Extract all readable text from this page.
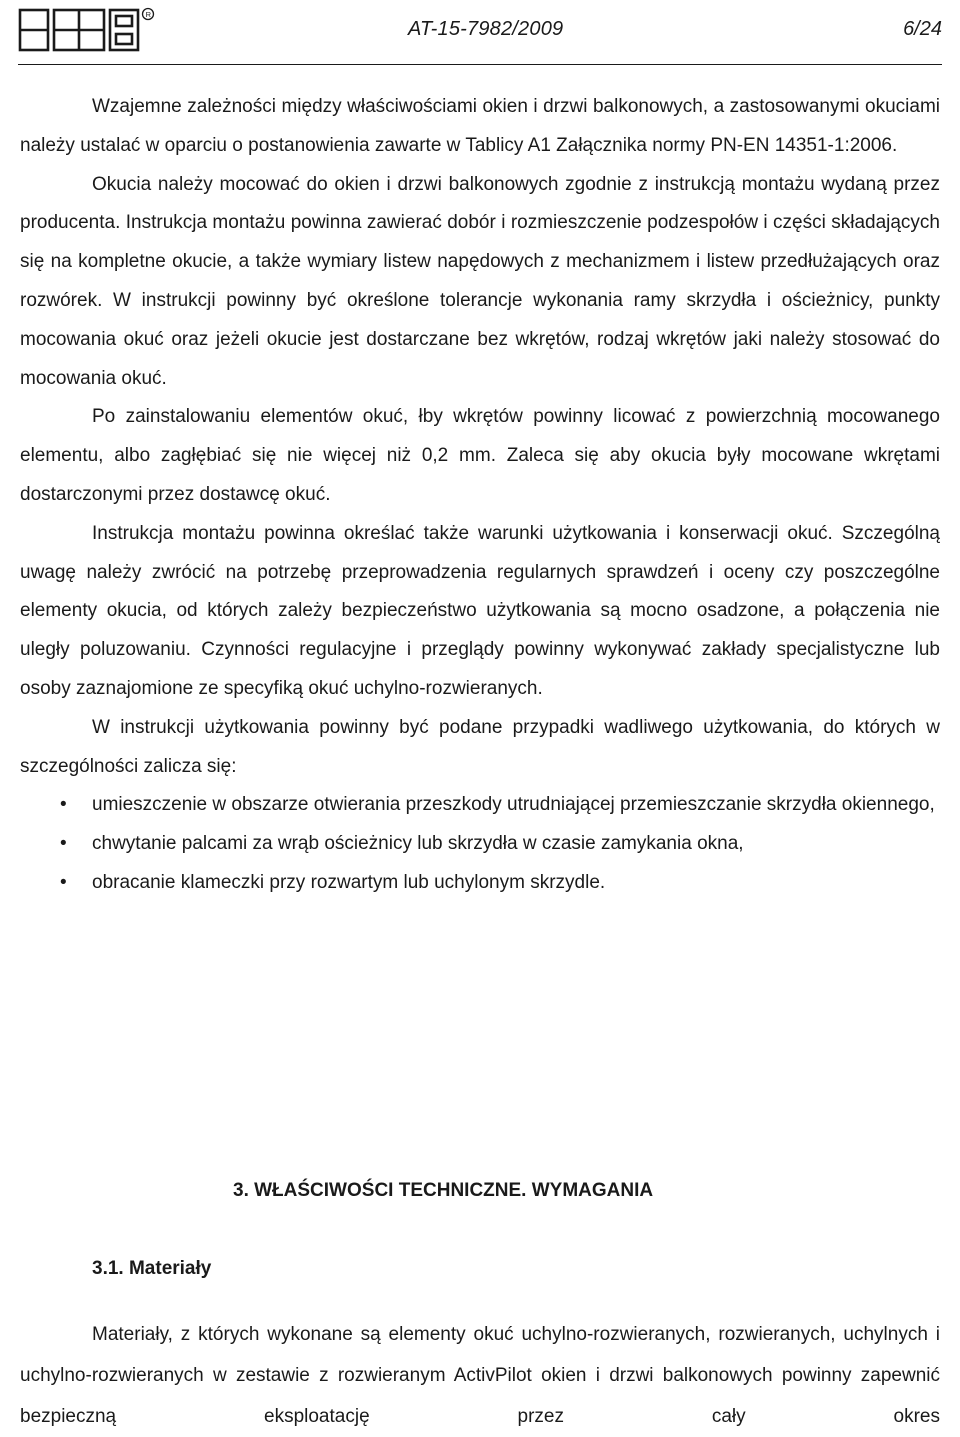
R
AT-15-7982/2009	6/24

Wzajemne zależności między właściwościami okien i drzwi balkonowych, a zastosowanymi okuciami należy ustalać w oparciu o postanowienia zawarte w Tablicy A1 Załącznika normy PN-EN 14351-1:2006.

Okucia należy mocować do okien i drzwi balkonowych zgodnie z instrukcją montażu wydaną przez producenta. Instrukcja montażu powinna zawierać dobór i rozmieszczenie podzespołów i części składających się na kompletne okucie, a także wymiary listew napędowych z mechanizmem i listew przedłużających oraz rozwórek. W instrukcji powinny być określone tolerancje wykonania ramy skrzydła i ościeżnicy, punkty mocowania okuć oraz jeżeli okucie jest dostarczane bez wkrętów, rodzaj wkrętów jaki należy stosować do mocowania okuć.

Po zainstalowaniu elementów okuć, łby wkrętów powinny licować z powierzchnią mocowanego elementu, albo zagłębiać się nie więcej niż 0,2 mm. Zaleca się aby okucia były mocowane wkrętami dostarczonymi przez dostawcę okuć.

Instrukcja montażu powinna określać także warunki użytkowania i konserwacji okuć. Szczególną uwagę należy zwrócić na potrzebę przeprowadzenia regularnych sprawdzeń i oceny czy poszczególne elementy okucia, od których zależy bezpieczeństwo użytkowania są mocno osadzone, a połączenia nie uległy poluzowaniu. Czynności regulacyjne i przeglądy powinny wykonywać zakłady specjalistyczne lub osoby zaznajomione ze specyfiką okuć uchylno-rozwieranych.

W instrukcji użytkowania powinny być podane przypadki wadliwego użytkowania, do których w szczególności zalicza się:

• umieszczenie w obszarze otwierania przeszkody utrudniającej przemieszczanie skrzydła okiennego,
• chwytanie palcami za wrąb ościeżnicy lub skrzydła w czasie zamykania okna,
• obracanie klameczki przy rozwartym lub uchylonym skrzydle.
3. WŁAŚCIWOŚCI TECHNICZNE. WYMAGANIA
3.1. Materiały

Materiały, z których wykonane są elementy okuć uchylno-rozwieranych, rozwieranych, uchylnych i uchylno-rozwieranych w zestawie z rozwieranym ActivPilot okien i drzwi balkonowych powinny zapewnić bezpieczną eksploatację przez cały okres
